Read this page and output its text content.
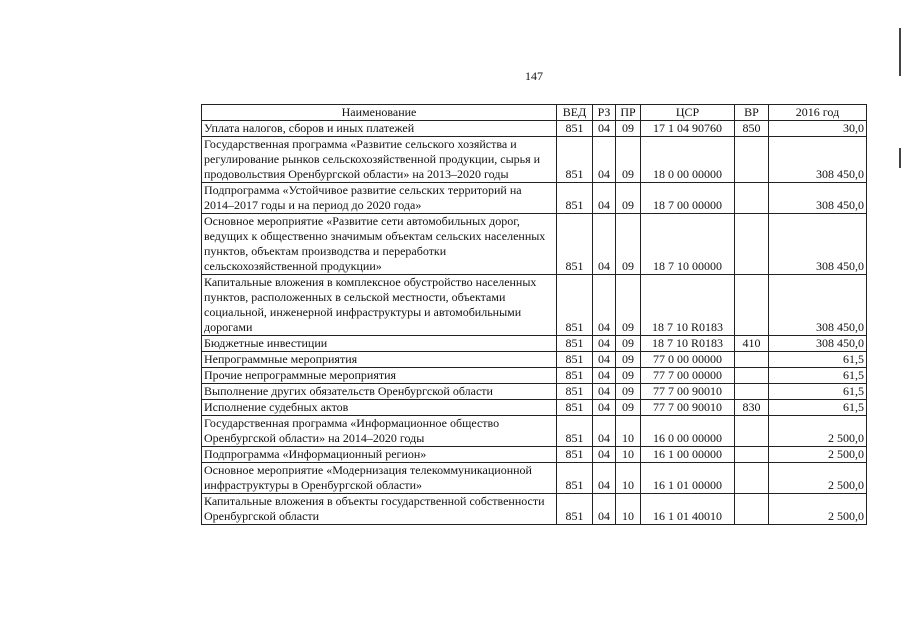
147
Наименование	ВЕД	РЗ	ПР	ЦСР	ВР	2016 год
Уплата налогов, сборов и иных платежей	851	04	09	17 1 04 90760	850	30,0
Государственная программа «Развитие сельского хозяйства и регулирование рынков сельскохозяйственной продукции, сырья и продовольствия Оренбургской области» на 2013–2020 годы	851	04	09	18 0 00 00000		308 450,0
Подпрограмма «Устойчивое развитие сельских территорий на 2014–2017 годы и на период до 2020 года»	851	04	09	18 7 00 00000		308 450,0
Основное мероприятие «Развитие сети автомобильных дорог, ведущих к общественно значимым объектам сельских населенных пунктов, объектам производства и переработки сельскохозяйственной продукции»	851	04	09	18 7 10 00000		308 450,0
Капитальные вложения в комплексное обустройство населенных пунктов, расположенных в сельской местности, объектами социальной, инженерной инфраструктуры и автомобильными дорогами	851	04	09	18 7 10 R0183		308 450,0
Бюджетные инвестиции	851	04	09	18 7 10 R0183	410	308 450,0
Непрограммные мероприятия	851	04	09	77 0 00 00000		61,5
Прочие непрограммные мероприятия	851	04	09	77 7 00 00000		61,5
Выполнение других обязательств Оренбургской области	851	04	09	77 7 00 90010		61,5
Исполнение судебных актов	851	04	09	77 7 00 90010	830	61,5
Государственная программа «Информационное общество Оренбургской области» на 2014–2020 годы	851	04	10	16 0 00 00000		2 500,0
Подпрограмма «Информационный регион»	851	04	10	16 1 00 00000		2 500,0
Основное мероприятие «Модернизация телекоммуникационной инфраструктуры в Оренбургской области»	851	04	10	16 1 01 00000		2 500,0
Капитальные вложения в объекты государственной собственности Оренбургской области	851	04	10	16 1 01 40010		2 500,0
